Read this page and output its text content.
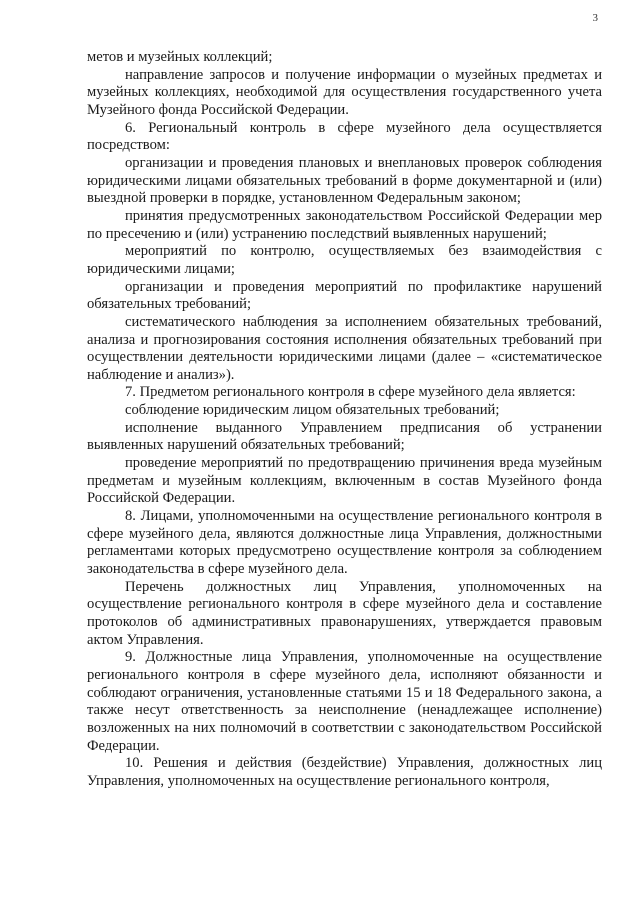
3

метов и музейных коллекций;

направление запросов и получение информации о музейных предметах и музейных коллекциях, необходимой для осуществления государственного учета Музейного фонда Российской Федерации.

6. Региональный контроль в сфере музейного дела осуществляется посредством:

организации и проведения плановых и внеплановых проверок соблюдения юридическими лицами обязательных требований в форме документарной и (или) выездной проверки в порядке, установленном Федеральным законом;

принятия предусмотренных законодательством Российской Федерации мер по пресечению и (или) устранению последствий выявленных нарушений;

мероприятий по контролю, осуществляемых без взаимодействия с юридическими лицами;

организации и проведения мероприятий по профилактике нарушений обязательных требований;

систематического наблюдения за исполнением обязательных требований, анализа и прогнозирования состояния исполнения обязательных требований при осуществлении деятельности юридическими лицами (далее – «систематическое наблюдение и анализ»).

7. Предметом регионального контроля в сфере музейного дела является:

соблюдение юридическим лицом обязательных требований;

исполнение выданного Управлением предписания об устранении выявленных нарушений обязательных требований;

проведение мероприятий по предотвращению причинения вреда музейным предметам и музейным коллекциям, включенным в состав Музейного фонда Российской Федерации.

8. Лицами, уполномоченными на осуществление регионального контроля в сфере музейного дела, являются должностные лица Управления, должностными регламентами которых предусмотрено осуществление контроля за соблюдением законодательства в сфере музейного дела.

Перечень должностных лиц Управления, уполномоченных на осуществление регионального контроля в сфере музейного дела и составление протоколов об административных правонарушениях, утверждается правовым актом Управления.

9. Должностные лица Управления, уполномоченные на осуществление регионального контроля в сфере музейного дела, исполняют обязанности и соблюдают ограничения, установленные статьями 15 и 18 Федерального закона, а также несут ответственность за неисполнение (ненадлежащее исполнение) возложенных на них полномочий в соответствии с законодательством Российской Федерации.

10. Решения и действия (бездействие) Управления, должностных лиц Управления, уполномоченных на осуществление регионального контроля,
